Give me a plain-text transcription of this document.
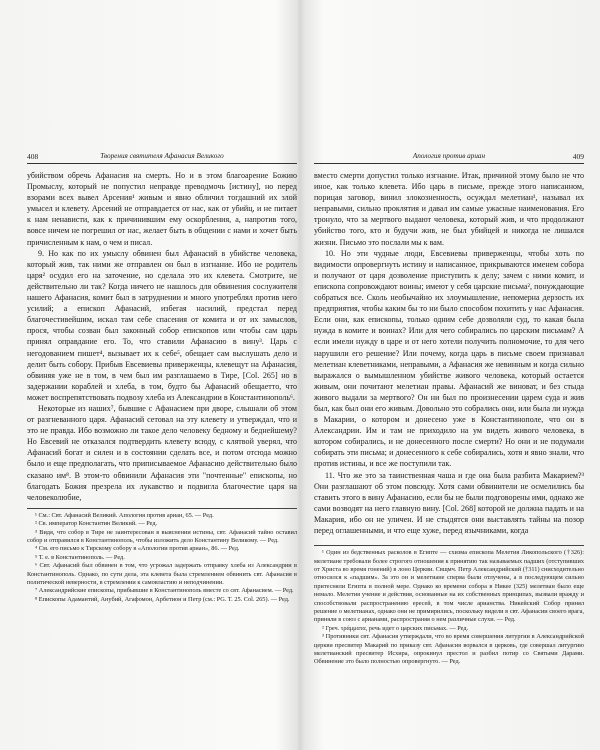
408	Творения святителя Афанасия Великого

убийством обречь Афанасия на смерть. Но и в этом благоарение Божию Промыслу, который не попустил неправде преводмочь [истину], но перед взорами всех вывел Арсения¹ живым и явно обличил тогдашний их злой умысел и клевету. Арсений не отправдается от нас, как от убийц, и не питает к нам ненависти, как к причинившим ему оскорбления, а, напротив того, вовсе ничем не погрешил от нас, желает быть в общении с нами и хочет быть причисленным к нам, о чем и писал.

9. Но как по их умыслу обвинен был Афанасий в убийстве человека, который жив, так ними же отправлен он был в изгнание. Ибо не родитель царя² осудил его на заточение, но сделала это их клевета. Смотрите, не действительно ли так? Когда ничего не нашлось для обвинения сослужителя нашего Афанасия, комит был в затруднении и много употреблял против него усилий; а епископ Афанасий, избегая насилий, предстал перед благочестивейшим, искал там себе спасения от комита и от их замыслов, прося, чтобы созван был законный собор епископов или чтобы сам царь принял оправдание его. То, что ставили Афанасию в вину³. Царь с негодованием пишет⁴, вызывает их к себе⁵, обещает сам выслушать дело и делит быть собору. Прибыв Евсевиевы приверженцы, клевещут на Афанасия, обвиняя уже не в том, в чем был им разглашаемо в Тире, [Col. 265] но в задержании кораблей и хлеба, в том, будто бы Афанасий обещаетто, что может воспрепятствовать подвозу хлеба из Александрии в Константинополь⁶.

Некоторые из наших⁷, бывшие с Афанасием при дворе, слышали об этом от разгневанного царя. Афанасий сетовал на эту клевету и утверждал, что и это не правда. Ибо возможно ли такое дело человеку бедному и беднейшему? Но Евсевий не отказался подтвердить клевету всюду, с клятвой уверял, что Афанасий богат и силен и в состоянии сделать все, и потом отсюда можно было и еще предполагать, что приписываемое Афанасию действительно было сказано им⁸. В этом-то обвинили Афанасия эти "почтенные" епископы, но благодать Божия презрела их лукавство и подвигла благочестие царя на человеколюбие,

¹ См.: Свт. Афанасий Великий. Апология против ариан, 65. — Ред.

² Св. император Константин Великий. — Ред.

³ Видя, что собор в Тире не заинтересован в выяснении истины, свт. Афанасий тайно оставил собор и отправился в Константинополь, чтобы изложить дело Константину Великому. — Ред.

⁴ См. его письмо к Тирскому собору в «Апологии против ариан», 86. — Ред.

⁵ Т. е. в Константинополь. — Ред.

⁶ Свт. Афанасий был обвинен в том, что угрожал задержать отправку хлеба из Александрии в Константинополь. Однако, по сути дела, эта клевета была стремлением обвинить свт. Афанасия в политической неверности, в стремлении к самовластию и неподчинении.

⁷ Александрийские епископы, прибывшие в Константинополь вместе со свт. Афанасием. — Ред.

⁸ Епископы Адамантий, Анубий, Агафомон, Арбетион и Петр (см.: PG. T. 25. Col. 265). — Ред.

Апология против ариан	409

вместо смерти допустил только изгнание. Итак, причиной этому было не что иное, как только клевета. Ибо царь в письме, прежде этого написанном, порицая заговор, винил злокозненность, осуждал мелетиан¹, называл их неправыми, сильно проклятия и давал им самые ужасные наименования. Его тронуло, что за мертвого выдают человека, который жив, и что продолжают убийство того, кто и будучи жив, не был убийцей и никогда не лишался жизни. Письмо это послали мы к вам.

10. Но эти чудные люди, Евсевиевы приверженцы, чтобы хоть по видимости опровергнуть истину и написанное, прикрываются именем собора и получают от царя дозволение приступить к делу; зачем с ними комит, и епископа сопровождают воины; имеют у себя царские письма², понуждающие собраться все. Сколь необычайно их злоумышление, непомерна дерзость их предприятия, чтобы каким бы то ни было способом похитить у нас Афанасия. Если они, как епископы, только одним себе дозволяли суд, то какая была нужда в комите и воинах? Или для чего собирались по царским письмам? А если имели нужду в царе и от него хотели получить полномочие, то для чего нарушили его решение? Или почему, когда царь в письме своем признавал мелетиан клеветниками, неправыми, а Афанасия же невинным и когда сильно выражался о вымышленном убийстве живого человека, который остается живым, они почитают мелетиан правы. Афанасий же виноват, и без стыда живого выдали за мертвого? Он ни был по произнесении царем суда и жив был, как был они его живым. Довольно это собрались они, или была ли нужда в Макарии, о котором и донесено уже в Константинополе, что он в Александрии. Им и там не приходило на ум видеть живого человека, в котором собирались, и не донесенного после смерти? Но они и не подумали собирать эти письма; и донесенного к себе собирались, хотя и явно знали, что против истины, и все же поступили так.

11. Что же это за таинственная чаша и где она была разбита Макарием?³ Они разглашают об этом повсюду. Хотя сами обвинители не осмелились бы ставить этого в вину Афанасию, если бы не были подговорены ими, однако же сами возводят на него главную вину. [Col. 268] которой не должна падать и на Макария, ибо он не уличен. И не стыдятся они выставлять тайны на позор перед оглашенными, и что еще хуже, перед язычниками, когда

¹ Один из бедственных расколов в Египте — схизма епископа Мелетия Ликопольского (†326): мелетиане требовали более строгого отношения к принятию так называемых падших (отступивших от Христа во время гонений) в лоно Церкви. Свщмч. Петр Александрийский (†311) снисходительно относился к «падшим». За это он и мелетиане сперва были отлучены, а в последующем сильно притесняли Египта в полной мере. Однако ко времени собора в Никее (325) мелетиан было еще немало. Мелетия учение и действия, основанные на их собственных принципах, вызвали вражду и способствовали распространению ересей, в том числе арианства. Никейский Собор принял решение о мелетианах, однако они не примирились, поскольку видели в свт. Афанасии своего врага, приняли в союз с арианами, распространяя о нем различные слухи. — Ред.

² Греч. τράμματα, речь идет о царских письмах. — Ред.

³ Противники свт. Афанасия утверждали, что во время совершения литургии в Александрийской церкви пресвитер Макарий по приказу свт. Афанасия ворвался в церковь, где совершал литургию мелетианский пресвитер Исхира, опрокинул престол и разбил потир со Святыми Дарами. Обвинение это было полностью опровергнуто. — Ред.
